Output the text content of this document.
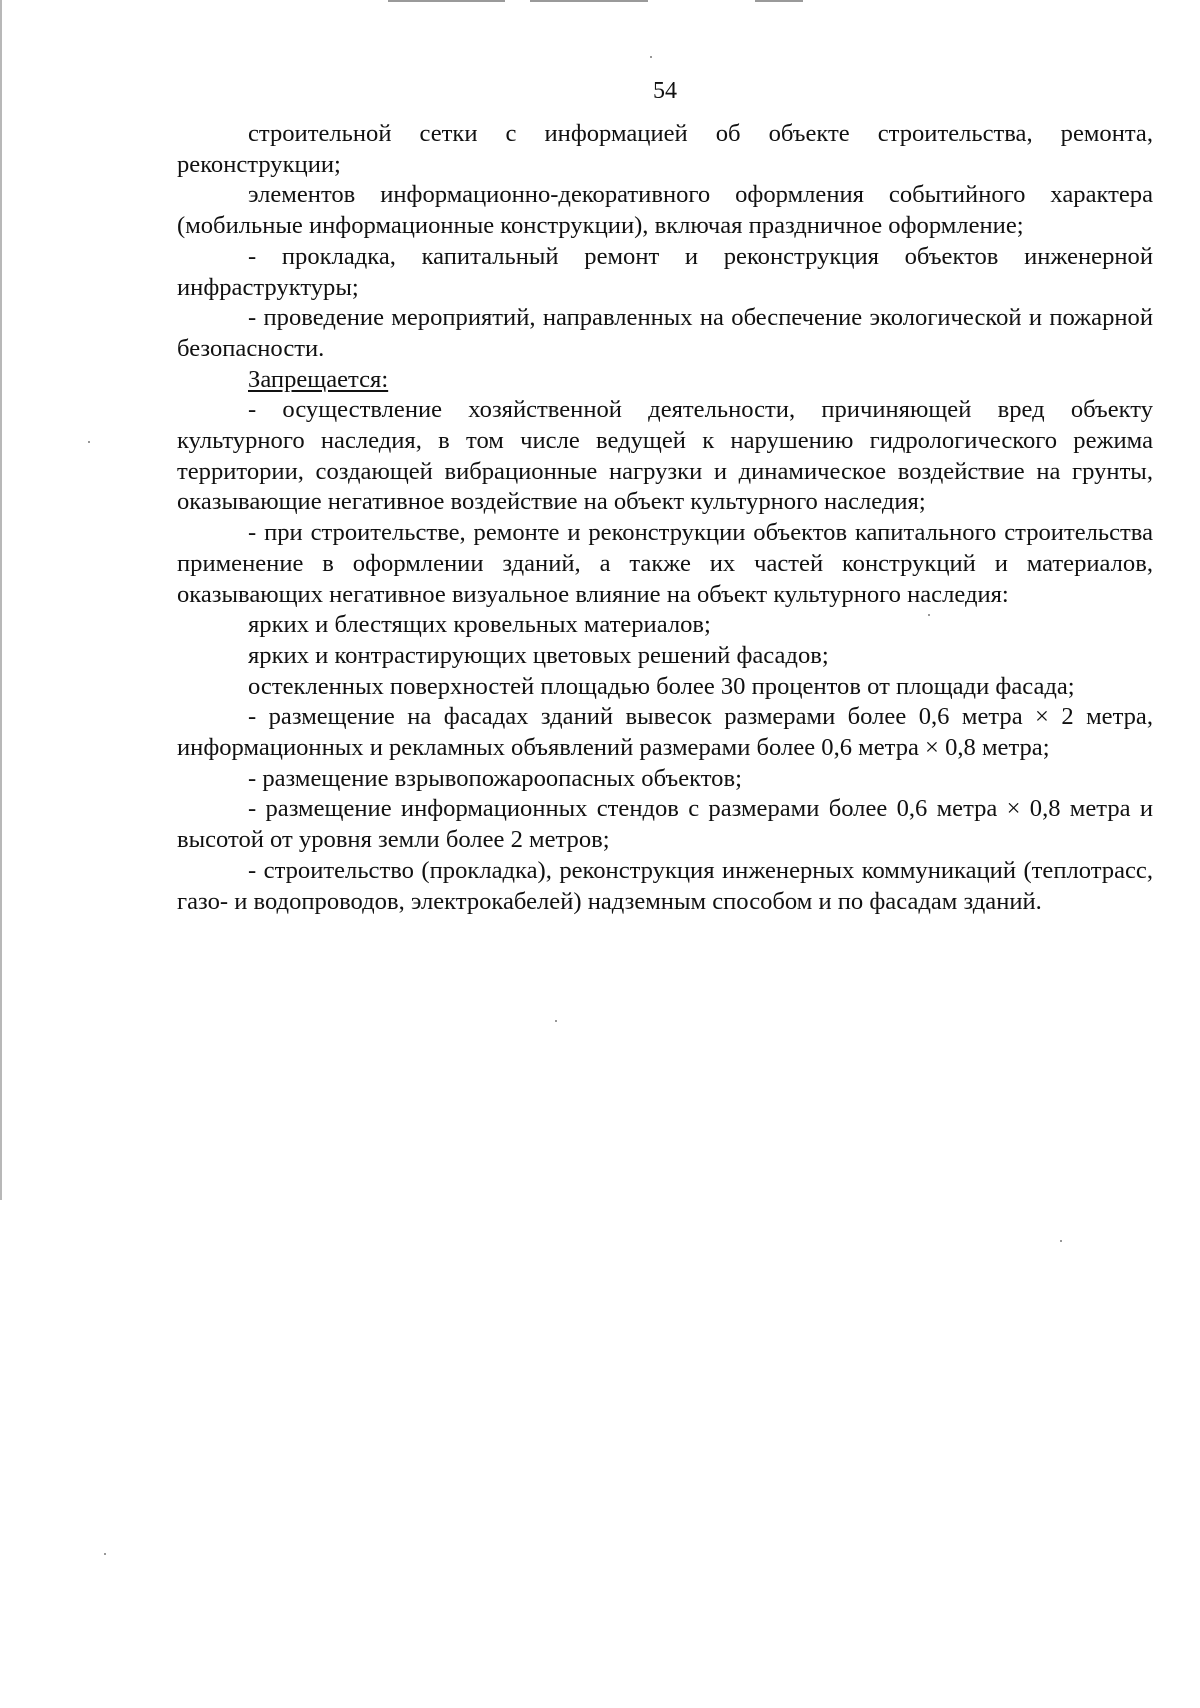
54

строительной сетки с информацией об объекте строительства, ремонта, реконструкции;

элементов информационно-декоративного оформления событийного характера (мобильные информационные конструкции), включая праздничное оформление;

- прокладка, капитальный ремонт и реконструкция объектов инженерной инфраструктуры;

- проведение мероприятий, направленных на обеспечение экологической и пожарной безопасности.

Запрещается:

- осуществление хозяйственной деятельности, причиняющей вред объекту культурного наследия, в том числе ведущей к нарушению гидрологического режима территории, создающей вибрационные нагрузки и динамическое воздействие на грунты, оказывающие негативное воздействие на объект культурного наследия;

- при строительстве, ремонте и реконструкции объектов капитального строительства применение в оформлении зданий, а также их частей конструкций и материалов, оказывающих негативное визуальное влияние на объект культурного наследия:

ярких и блестящих кровельных материалов;

ярких и контрастирующих цветовых решений фасадов;

остекленных поверхностей площадью более 30 процентов от площади фасада;

- размещение на фасадах зданий вывесок размерами более 0,6 метра × 2 метра, информационных и рекламных объявлений размерами более 0,6 метра × 0,8 метра;

- размещение взрывопожароопасных объектов;

- размещение информационных стендов с размерами более 0,6 метра × 0,8 метра и высотой от уровня земли более 2 метров;

- строительство (прокладка), реконструкция инженерных коммуникаций (теплотрасс, газо- и водопроводов, электрокабелей) надземным способом и по фасадам зданий.
